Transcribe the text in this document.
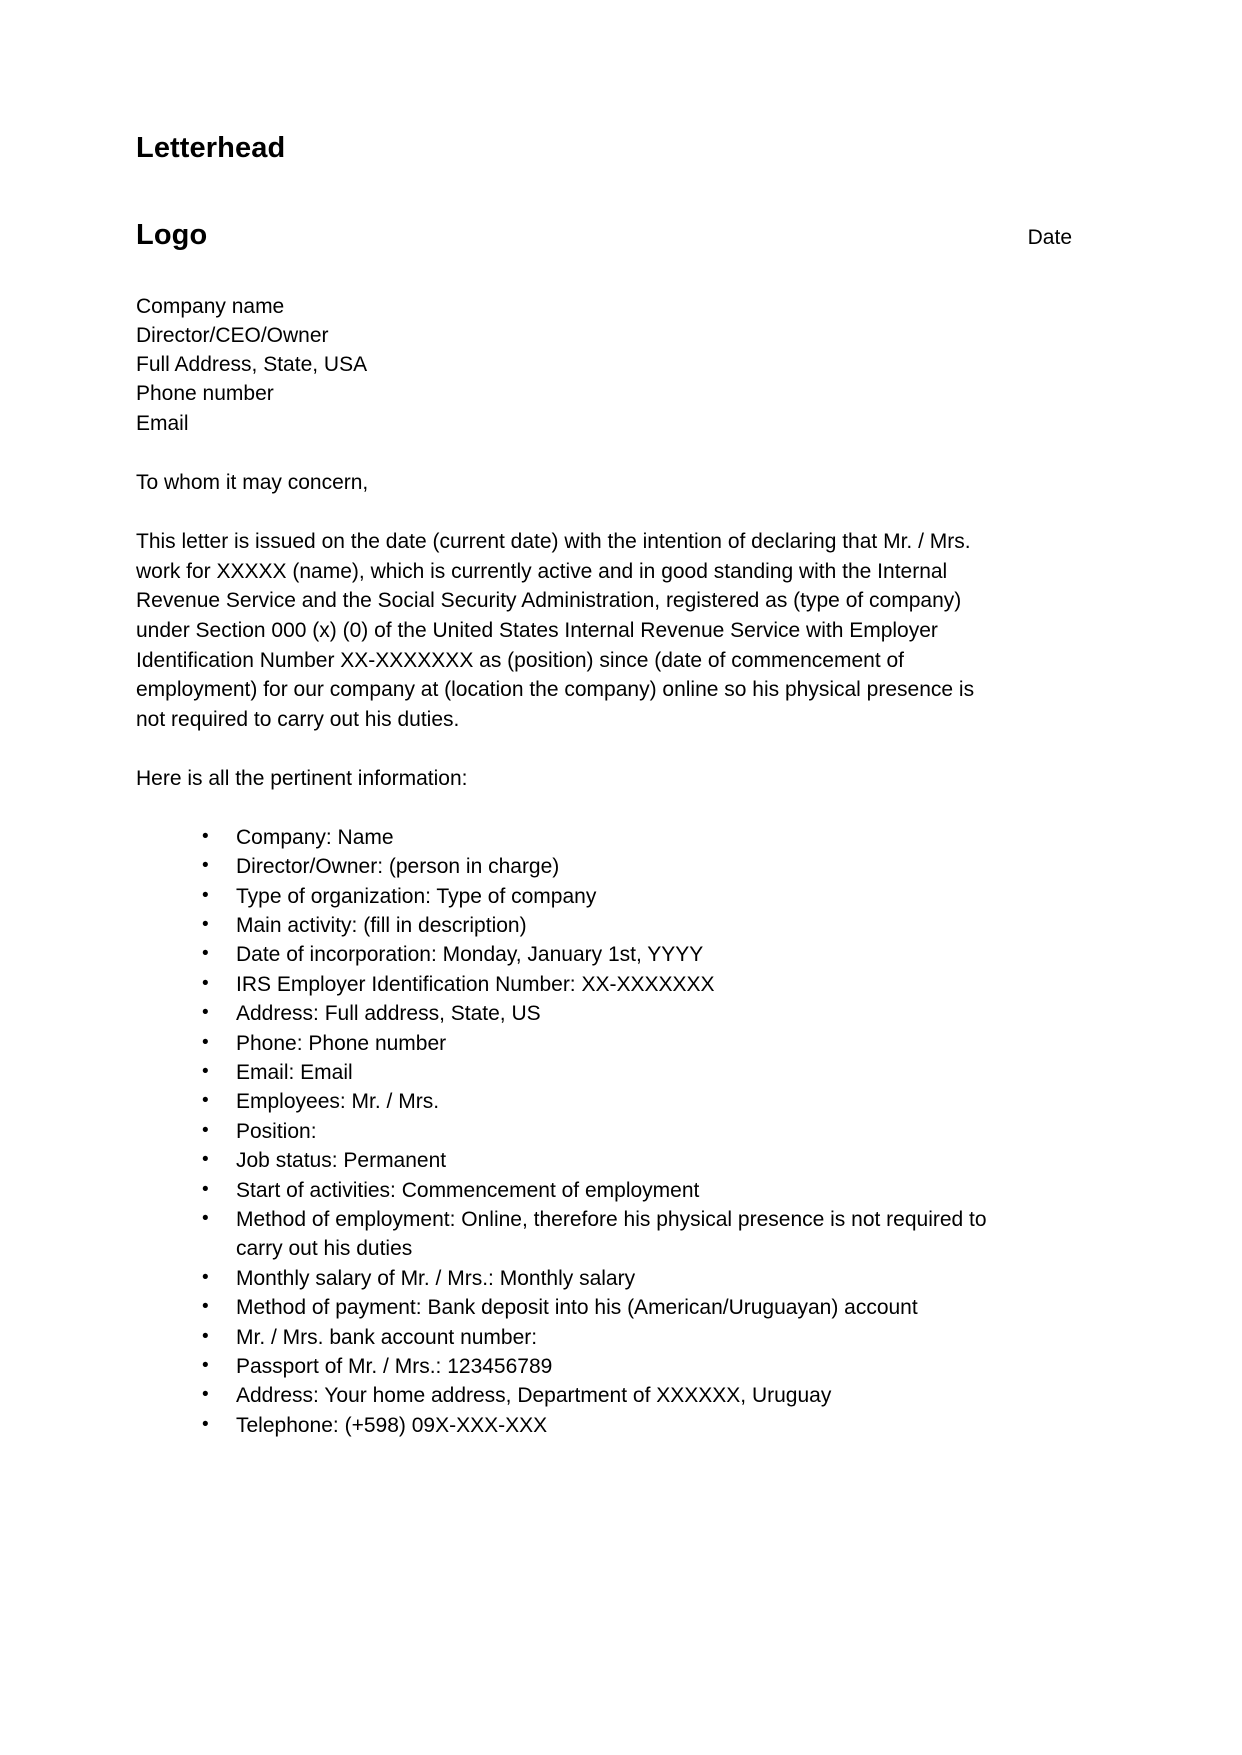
Letterhead
Logo	Date
Company name
Director/CEO/Owner
Full Address, State, USA
Phone number
Email

To whom it may concern,

This letter is issued on the date (current date) with the intention of declaring that Mr. / Mrs. work for XXXXX (name), which is currently active and in good standing with the Internal Revenue Service and the Social Security Administration, registered as (type of company) under Section 000 (x) (0) of the United States Internal Revenue Service with Employer Identification Number XX-XXXXXXX as (position) since (date of commencement of employment) for our company at (location the company) online so his physical presence is not required to carry out his duties.

Here is all the pertinent information:

• Company: Name
• Director/Owner: (person in charge)
• Type of organization: Type of company
• Main activity: (fill in description)
• Date of incorporation: Monday, January 1st, YYYY
• IRS Employer Identification Number: XX-XXXXXXX
• Address: Full address, State, US
• Phone: Phone number
• Email: Email
• Employees: Mr. / Mrs.
• Position:
• Job status: Permanent
• Start of activities: Commencement of employment
• Method of employment: Online, therefore his physical presence is not required to carry out his duties
• Monthly salary of Mr. / Mrs.: Monthly salary
• Method of payment: Bank deposit into his (American/Uruguayan) account
• Mr. / Mrs. bank account number:
• Passport of Mr. / Mrs.: 123456789
• Address: Your home address, Department of XXXXXX, Uruguay
• Telephone: (+598) 09X-XXX-XXX
